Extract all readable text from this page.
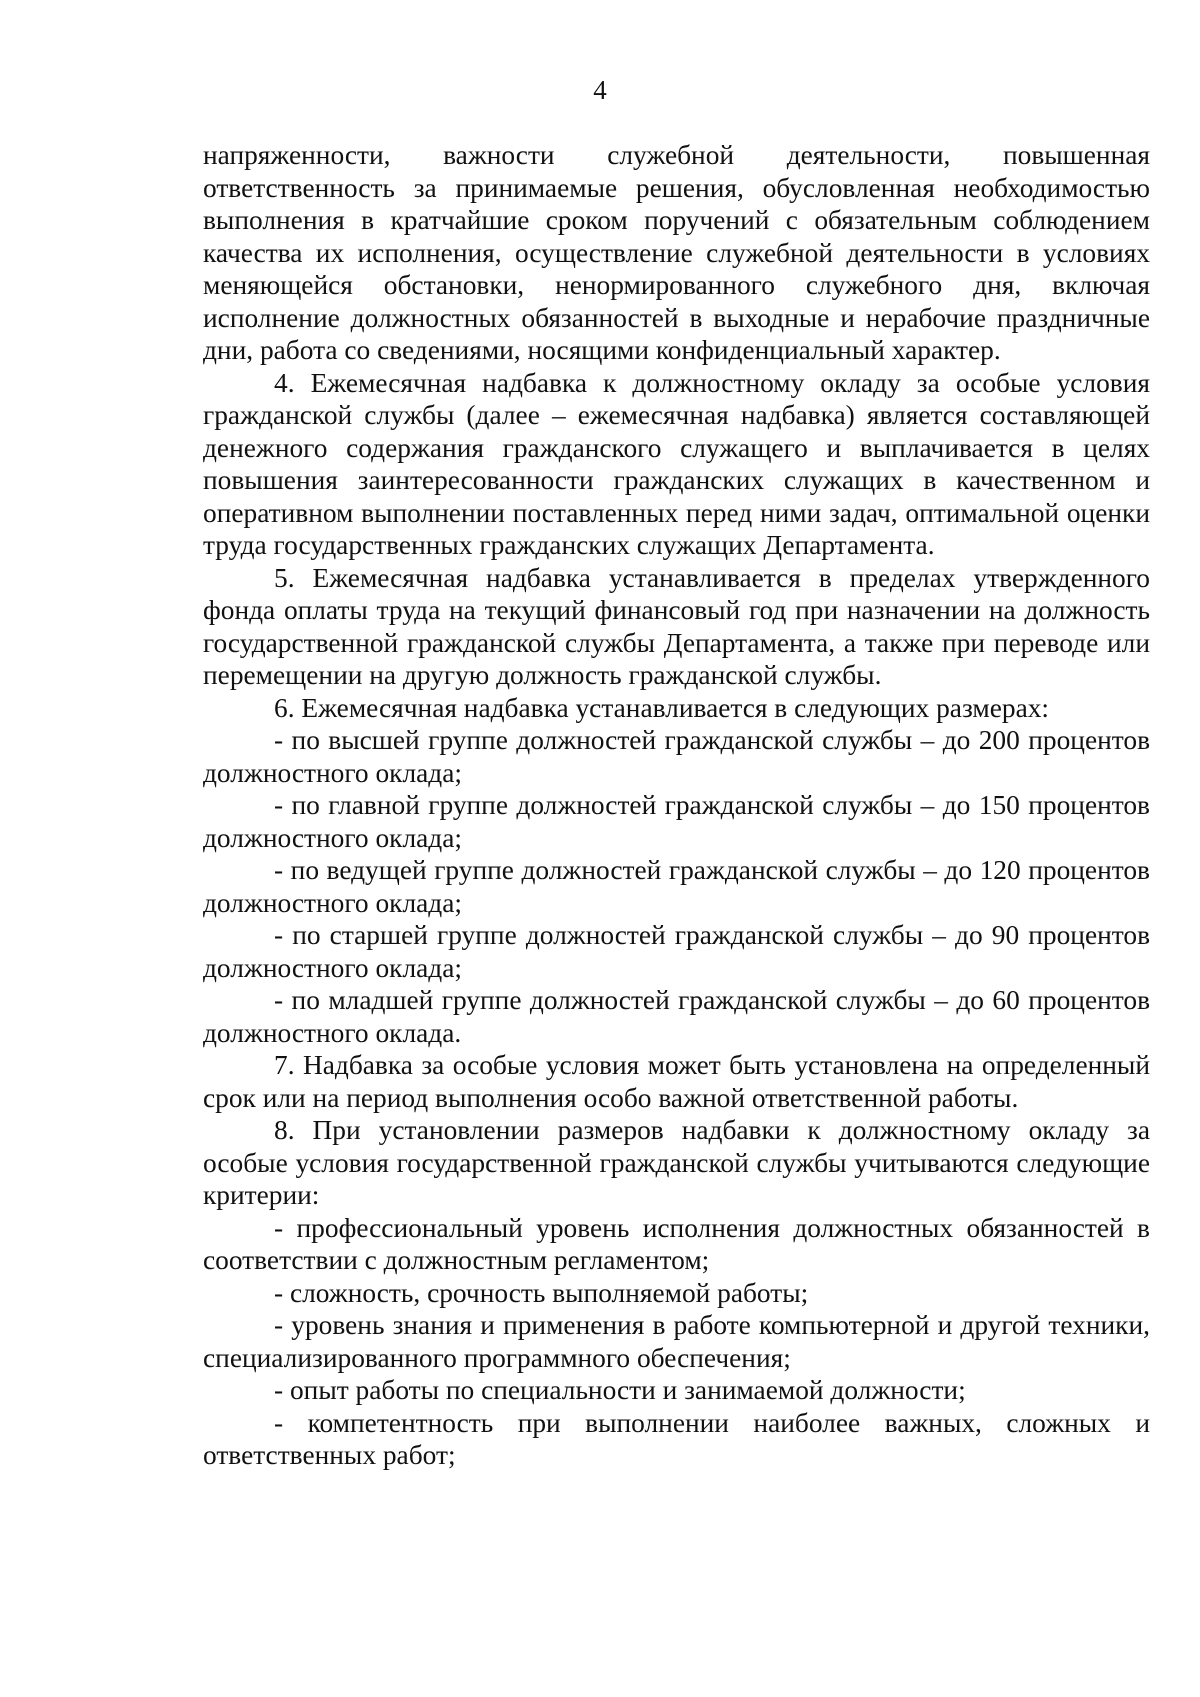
4

напряженности, важности служебной деятельности, повышенная ответственность за принимаемые решения, обусловленная необходимостью выполнения в кратчайшие сроком поручений с обязательным соблюдением качества их исполнения, осуществление служебной деятельности в условиях меняющейся обстановки, ненормированного служебного дня, включая исполнение должностных обязанностей в выходные и нерабочие праздничные дни, работа со сведениями, носящими конфиденциальный характер.

4. Ежемесячная надбавка к должностному окладу за особые условия гражданской службы (далее – ежемесячная надбавка) является составляющей денежного содержания гражданского служащего и выплачивается в целях повышения заинтересованности гражданских служащих в качественном и оперативном выполнении поставленных перед ними задач, оптимальной оценки труда государственных гражданских служащих Департамента.

5. Ежемесячная надбавка устанавливается в пределах утвержденного фонда оплаты труда на текущий финансовый год при назначении на должность государственной гражданской службы Департамента, а также при переводе или перемещении на другую должность гражданской службы.

6. Ежемесячная надбавка устанавливается в следующих размерах:

- по высшей группе должностей гражданской службы – до 200 процентов должностного оклада;

- по главной группе должностей гражданской службы – до 150 процентов должностного оклада;

- по ведущей группе должностей гражданской службы – до 120 процентов должностного оклада;

- по старшей группе должностей гражданской службы – до 90 процентов должностного оклада;

- по младшей группе должностей гражданской службы – до 60 процентов должностного оклада.

7. Надбавка за особые условия может быть установлена на определенный срок или на период выполнения особо важной ответственной работы.

8. При установлении размеров надбавки к должностному окладу за особые условия государственной гражданской службы учитываются следующие критерии:

- профессиональный уровень исполнения должностных обязанностей в соответствии с должностным регламентом;

- сложность, срочность выполняемой работы;

- уровень знания и применения в работе компьютерной и другой техники, специализированного программного обеспечения;

- опыт работы по специальности и занимаемой должности;

- компетентность при выполнении наиболее важных, сложных и ответственных работ;
